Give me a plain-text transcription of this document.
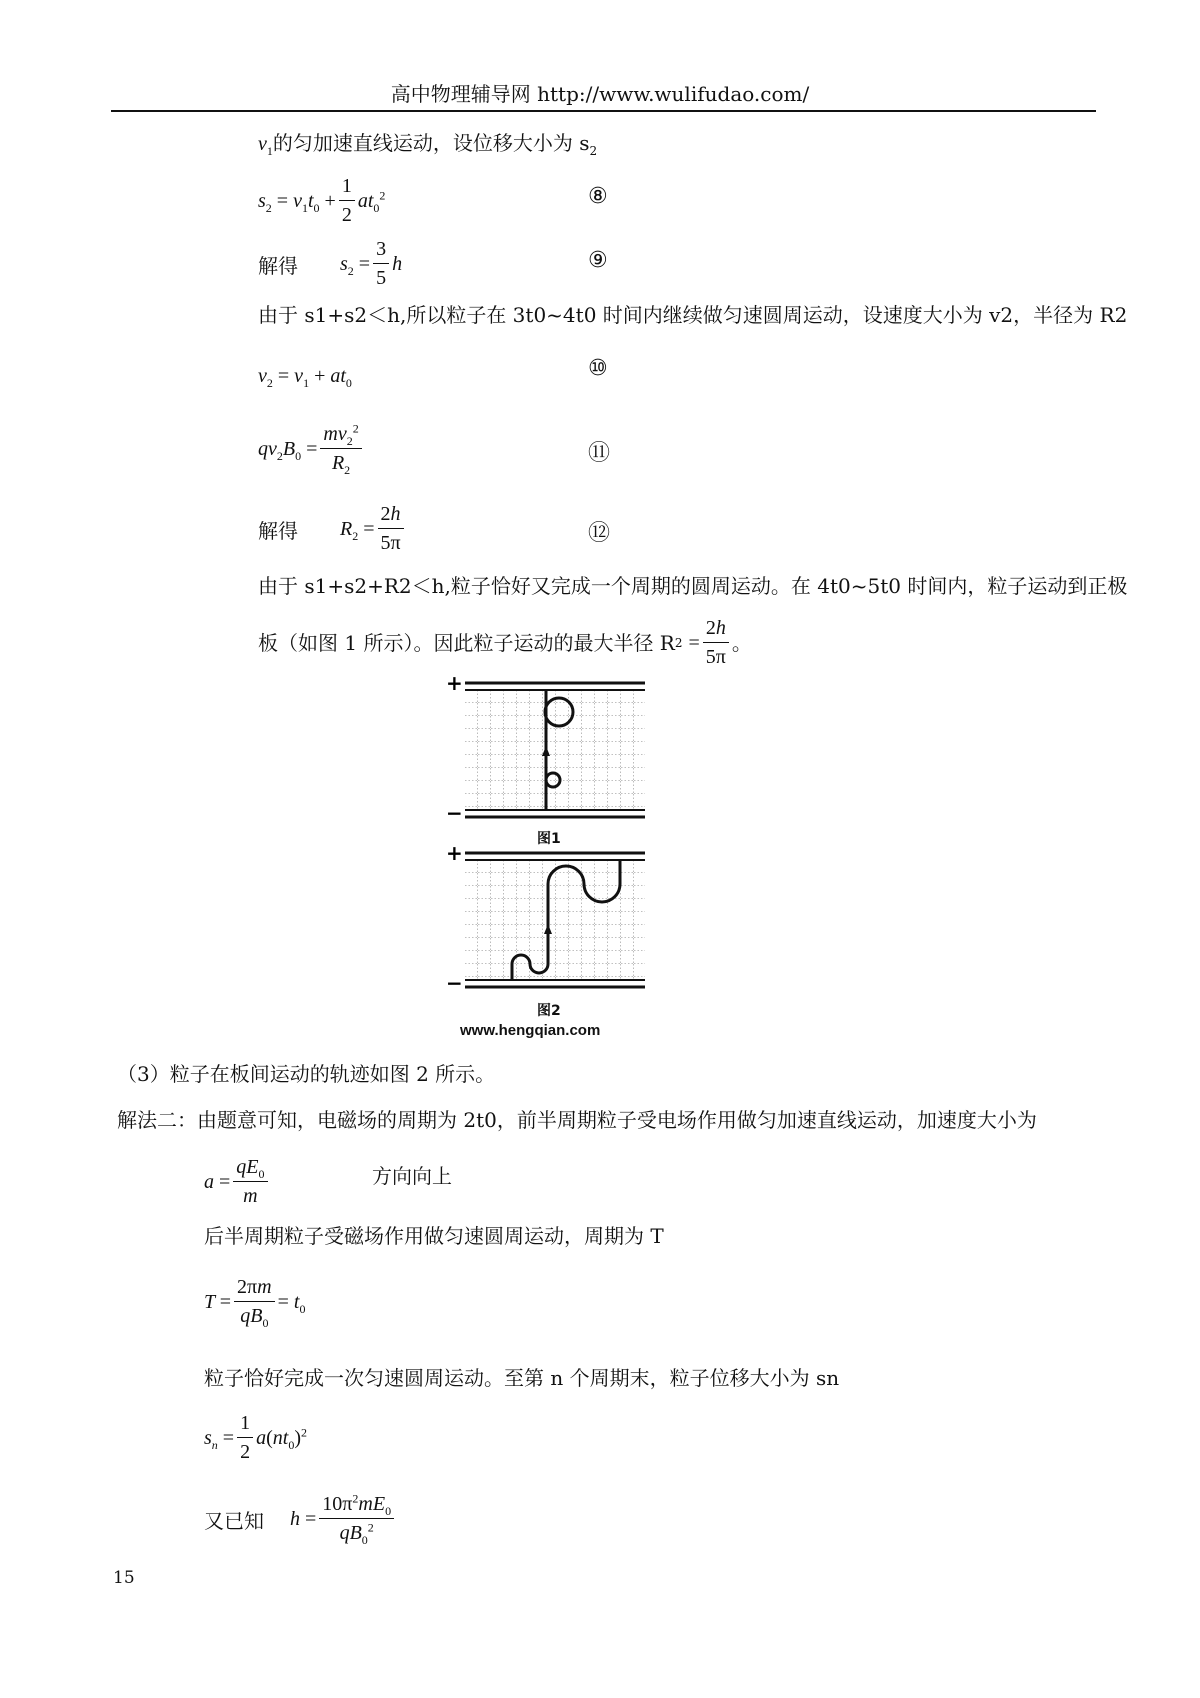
高中物理辅导网 http://www.wulifudao.com/
$v_1$的匀加速直线运动，设位移大小为 $s_2$
$s_2 = v_1t_0 + \frac{1}{2} at_0^2$	⑧
解得 $s_2 = \frac{3}{5}$ h	⑨
由于 s1+s2＜h,所以粒子在 3t0~4t0 时间内继续做匀速圆周运动，设速度大小为 v2，半径为 R2
$v_2 = v_1 + at_0$
⑩
$qv_2B_0 = \frac{mv_2^2}{R_2}$	⑪
解得 $R_2 = \frac{2h}{5\pi}$	⑫
由于 s1+s2+R2＜h,粒子恰好又完成一个周期的圆周运动。在 4t0~5t0 时间内，粒子运动到正极
板（如图 1 所示）。因此粒子运动的最大半径 R $2 = \frac{2h}{5\pi}$ 。
+
−
图1
+
−
图2
www.hengqian.com
（3）粒子在板间运动的轨迹如图 2 所示。
解法二：由题意可知，电磁场的周期为 2t0，前半周期粒子受电场作用做匀加速直线运动，加速度大小为
$a = \frac{qE_0}{m}$	方向向上
后半周期粒子受磁场作用做匀速圆周运动，周期为 T
$T = \frac{2\pi m}{qB_0} = t_0$
粒子恰好完成一次匀速圆周运动。至第 n 个周期末，粒子位移大小为 sn
$s_n = \frac{1}{2} a(nt_0)^2$
又已知 $h = \frac{10\pi^2mE_0}{qB_0^2}$
15
